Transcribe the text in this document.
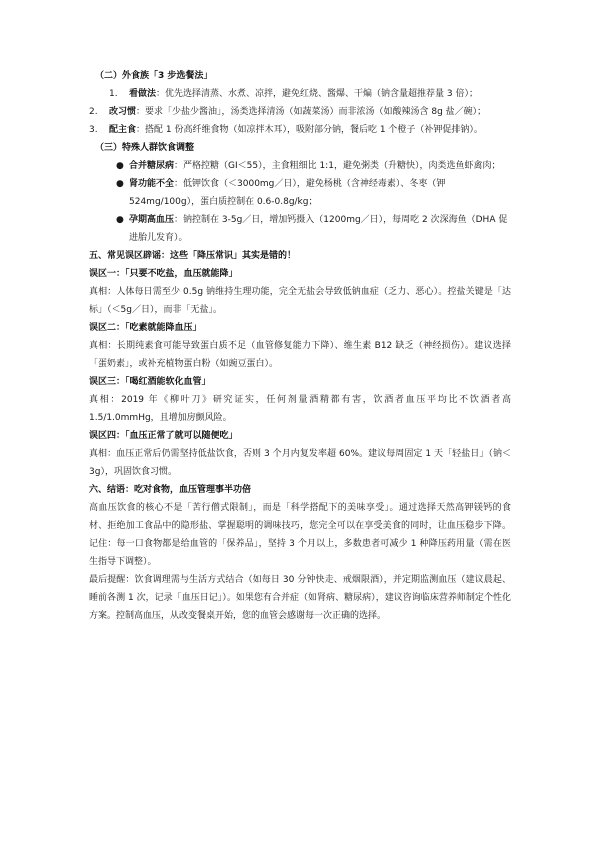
（二）外食族「3 步选餐法」

1. 看做法：优先选择清蒸、水煮、凉拌，避免红烧、酱爆、干煸（钠含量超推荐量 3 倍）；
2. 改习惯：要求「少盐少酱油」，汤类选择清汤（如蔬菜汤）而非浓汤（如酸辣汤含 8g 盐／碗）；
3. 配主食：搭配 1 份高纤维食物（如凉拌木耳），吸附部分钠，餐后吃 1 个橙子（补钾促排钠）。

（三）特殊人群饮食调整

● 合并糖尿病：严格控糖（GI＜55），主食粗细比 1:1，避免粥类（升糖快），肉类选鱼虾禽肉；
● 肾功能不全：低钾饮食（＜3000mg／日），避免杨桃（含神经毒素）、冬枣（钾 524mg/100g），蛋白质控制在 0.6-0.8g/kg；
● 孕期高血压：钠控制在 3-5g／日，增加钙摄入（1200mg／日），每周吃 2 次深海鱼（DHA 促进胎儿发育）。

五、常见误区辟谣：这些「降压常识」其实是错的！

误区一：「只要不吃盐，血压就能降」

真相：人体每日需至少 0.5g 钠维持生理功能，完全无盐会导致低钠血症（乏力、恶心）。控盐关键是「达标」（＜5g／日），而非「无盐」。

误区二：「吃素就能降血压」

真相：长期纯素食可能导致蛋白质不足（血管修复能力下降）、维生素 B12 缺乏（神经损伤）。建议选择「蛋奶素」，或补充植物蛋白粉（如豌豆蛋白）。

误区三：「喝红酒能软化血管」

真相：2019 年《柳叶刀》研究证实，任何剂量酒精都有害，饮酒者血压平均比不饮酒者高 1.5/1.0mmHg，且增加房颤风险。

误区四：「血压正常了就可以随便吃」

真相：血压正常后仍需坚持低盐饮食，否则 3 个月内复发率超 60%。建议每周固定 1 天「轻盐日」（钠＜3g），巩固饮食习惯。

六、结语：吃对食物，血压管理事半功倍

高血压饮食的核心不是「苦行僧式限制」，而是「科学搭配下的美味享受」。通过选择天然高钾镁钙的食材、拒绝加工食品中的隐形盐、掌握聪明的调味技巧，您完全可以在享受美食的同时，让血压稳步下降。记住：每一口食物都是给血管的「保养品」，坚持 3 个月以上，多数患者可减少 1 种降压药用量（需在医生指导下调整）。

最后提醒：饮食调理需与生活方式结合（如每日 30 分钟快走、戒烟限酒），并定期监测血压（建议晨起、睡前各测 1 次，记录「血压日记」）。如果您有合并症（如肾病、糖尿病），建议咨询临床营养师制定个性化方案。控制高血压，从改变餐桌开始，您的血管会感谢每一次正确的选择。
